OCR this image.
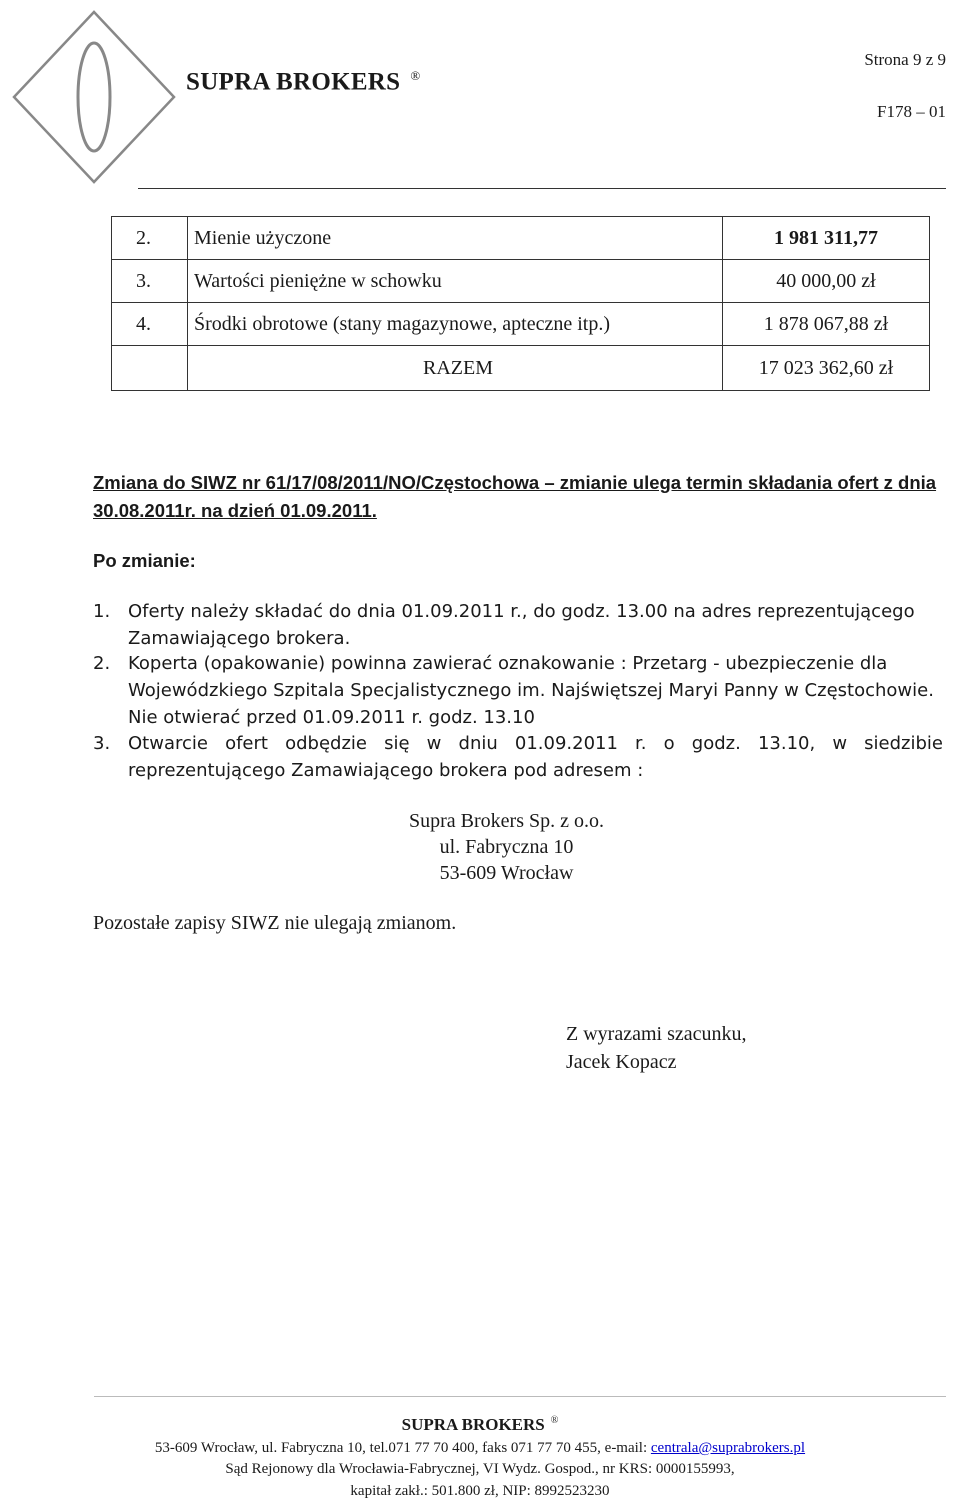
SUPRA BROKERS ®
Strona 9 z 9
F178 – 01
2.	Mienie użyczone	1 981 311,77
3.	Wartości pieniężne w schowku	40 000,00 zł
4.	Środki obrotowe (stany magazynowe, apteczne itp.)	1 878 067,88 zł
	RAZEM	17 023 362,60 zł
Zmiana do SIWZ nr 61/17/08/2011/NO/Częstochowa – zmianie ulega termin składania ofert z dnia 30.08.2011r. na dzień 01.09.2011.
Po zmianie:
1. Oferty należy składać do dnia 01.09.2011 r., do godz. 13.00 na adres reprezentującego Zamawiającego brokera.
2. Koperta (opakowanie) powinna zawierać oznakowanie : Przetarg - ubezpieczenie dla Wojewódzkiego Szpitala Specjalistycznego im. Najświętszej Maryi Panny w Częstochowie. Nie otwierać przed 01.09.2011 r. godz. 13.10
3. Otwarcie ofert odbędzie się w dniu 01.09.2011 r. o godz. 13.10, w siedzibie reprezentującego Zamawiającego brokera pod adresem :
Supra Brokers Sp. z o.o.
ul. Fabryczna 10
53-609 Wrocław
Pozostałe zapisy SIWZ nie ulegają zmianom.
Z wyrazami szacunku,
Jacek Kopacz
SUPRA BROKERS ®
53-609 Wrocław, ul. Fabryczna 10, tel.071 77 70 400, faks 071 77 70 455, e-mail: centrala@suprabrokers.pl
Sąd Rejonowy dla Wrocławia-Fabrycznej, VI Wydz. Gospod., nr KRS: 0000155993,
kapitał zakł.: 501.800 zł, NIP: 8992523230
